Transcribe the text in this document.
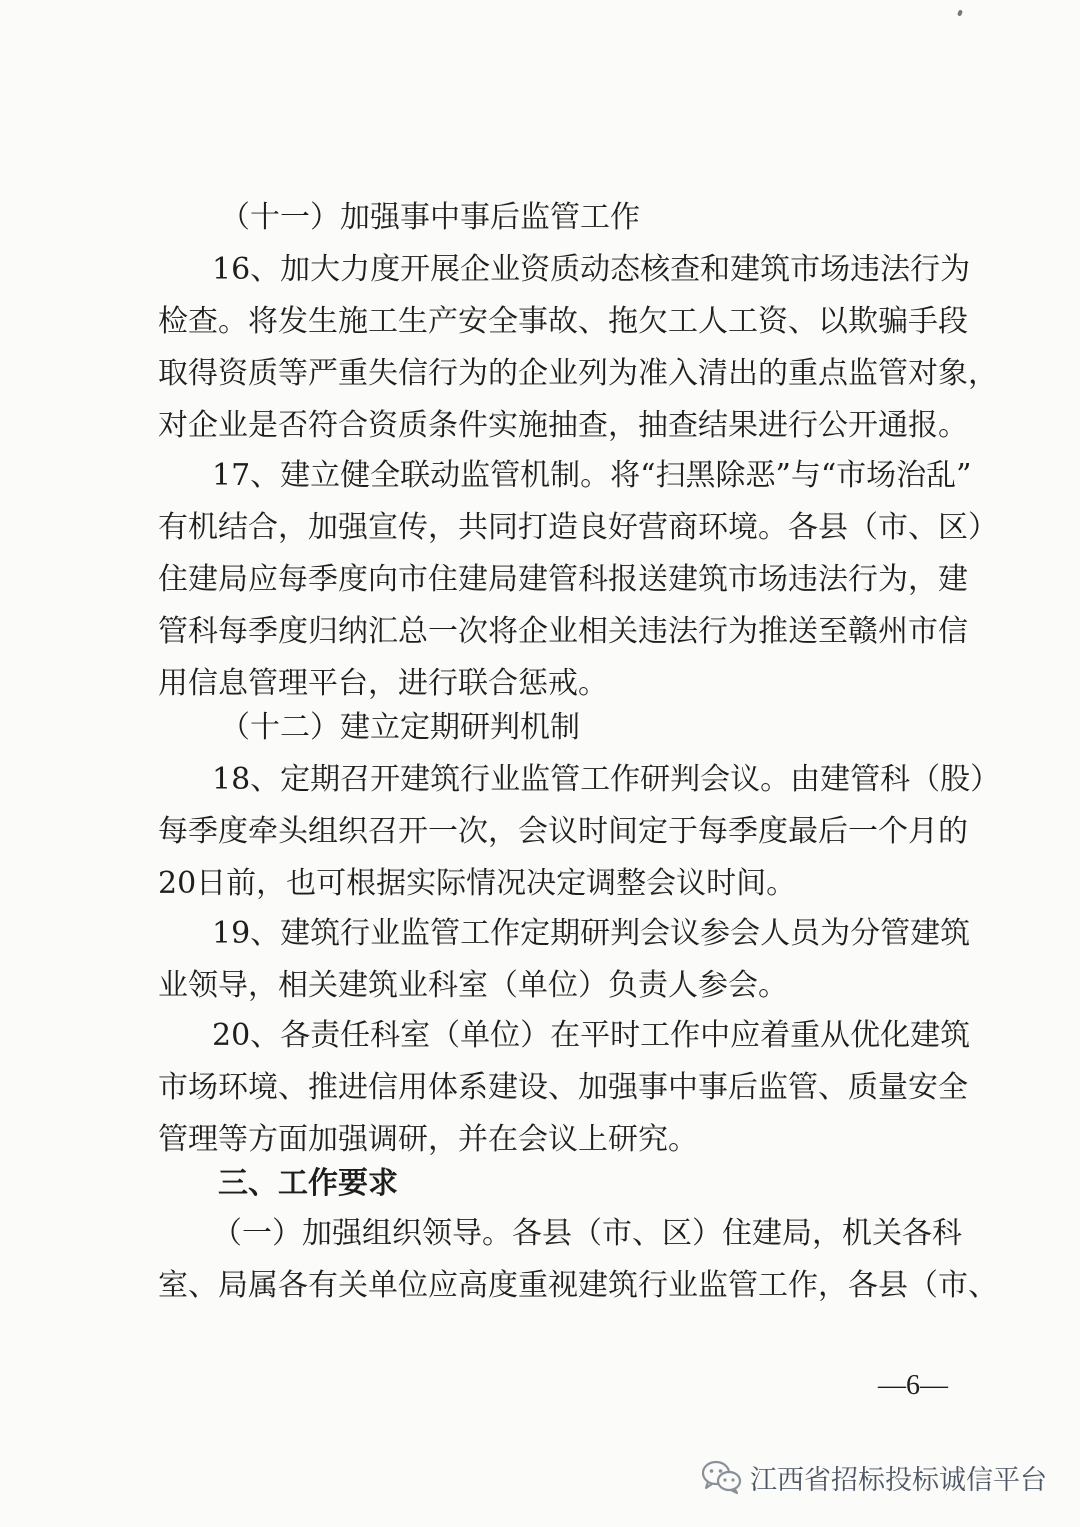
（十一）加强事中事后监管工作
16、加大力度开展企业资质动态核查和建筑市场违法行为
检查。将发生施工生产安全事故、拖欠工人工资、以欺骗手段
取得资质等严重失信行为的企业列为准入清出的重点监管对象，
对企业是否符合资质条件实施抽查，抽查结果进行公开通报。
17、建立健全联动监管机制。将“扫黑除恶”与“市场治乱”
有机结合，加强宣传，共同打造良好营商环境。各县（市、区）
住建局应每季度向市住建局建管科报送建筑市场违法行为，建
管科每季度归纳汇总一次将企业相关违法行为推送至赣州市信
用信息管理平台，进行联合惩戒。
（十二）建立定期研判机制
18、定期召开建筑行业监管工作研判会议。由建管科（股）
每季度牵头组织召开一次，会议时间定于每季度最后一个月的
20日前，也可根据实际情况决定调整会议时间。
19、建筑行业监管工作定期研判会议参会人员为分管建筑
业领导，相关建筑业科室（单位）负责人参会。
20、各责任科室（单位）在平时工作中应着重从优化建筑
市场环境、推进信用体系建设、加强事中事后监管、质量安全
管理等方面加强调研，并在会议上研究。
三、工作要求
（一）加强组织领导。各县（市、区）住建局，机关各科
室、局属各有关单位应高度重视建筑行业监管工作，各县（市、
—6—
江西省招标投标诚信平台
